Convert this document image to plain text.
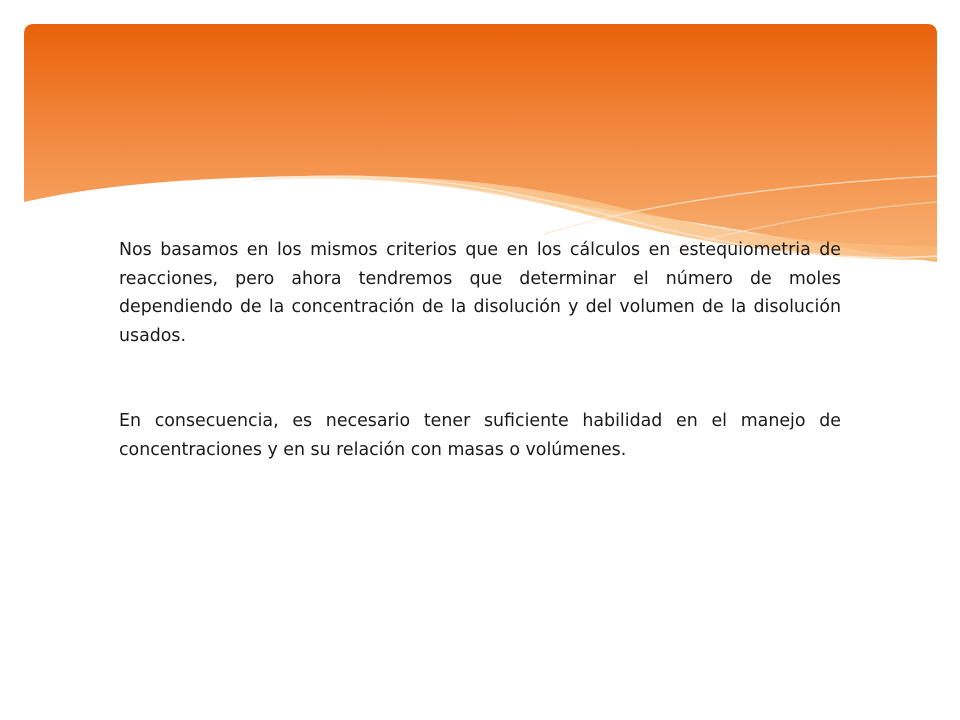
Nos basamos en los mismos criterios que en los cálculos en estequiometria de reacciones, pero ahora tendremos que determinar el número de moles dependiendo de la concentración de la disolución y del volumen de la disolución usados.

En consecuencia, es necesario tener suficiente habilidad en el manejo de concentraciones y en su relación con masas o volúmenes.
